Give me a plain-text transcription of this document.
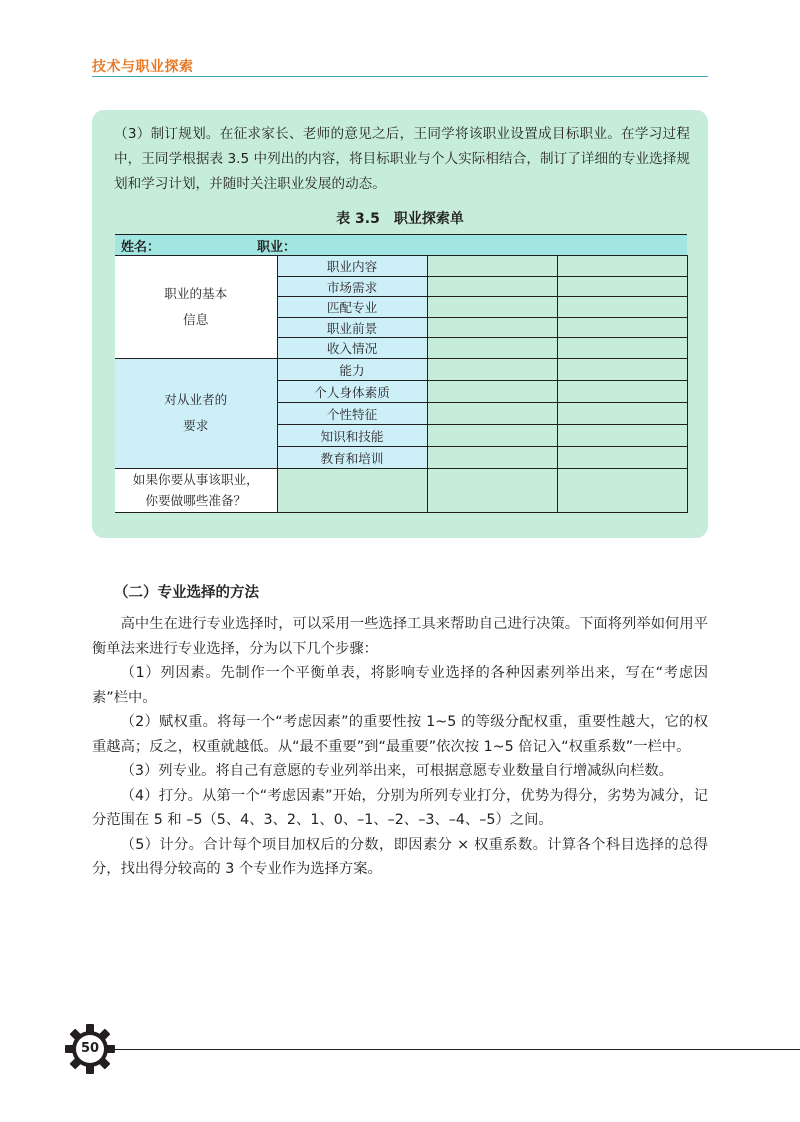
技术与职业探索

（3）制订规划。在征求家长、老师的意见之后，王同学将该职业设置成目标职业。在学习过程中，王同学根据表 3.5 中列出的内容，将目标职业与个人实际相结合，制订了详细的专业选择规划和学习计划，并随时关注职业发展的动态。

表 3.5　职业探索单
姓名： 职业：			
职业的基本
信息	职业内容		
	市场需求		
	匹配专业		
	职业前景		
	收入情况		
对从业者的
要求	能力		
	个人身体素质		
	个性特征		
	知识和技能		
	教育和培训		
如果你要从事该职业，
你要做哪些准备？			
（二）专业选择的方法

高中生在进行专业选择时，可以采用一些选择工具来帮助自己进行决策。下面将列举如何用平衡单法来进行专业选择，分为以下几个步骤：

（1）列因素。先制作一个平衡单表，将影响专业选择的各种因素列举出来，写在“考虑因素”栏中。

（2）赋权重。将每一个“考虑因素”的重要性按 1~5 的等级分配权重，重要性越大，它的权重越高；反之，权重就越低。从“最不重要”到“最重要”依次按 1~5 倍记入“权重系数”一栏中。

（3）列专业。将自己有意愿的专业列举出来，可根据意愿专业数量自行增减纵向栏数。

（4）打分。从第一个“考虑因素”开始，分别为所列专业打分，优势为得分，劣势为减分，记分范围在 5 和 –5（5、4、3、2、1、0、–1、–2、–3、–4、–5）之间。

（5）计分。合计每个项目加权后的分数，即因素分 × 权重系数。计算各个科目选择的总得分，找出得分较高的 3 个专业作为选择方案。

50
